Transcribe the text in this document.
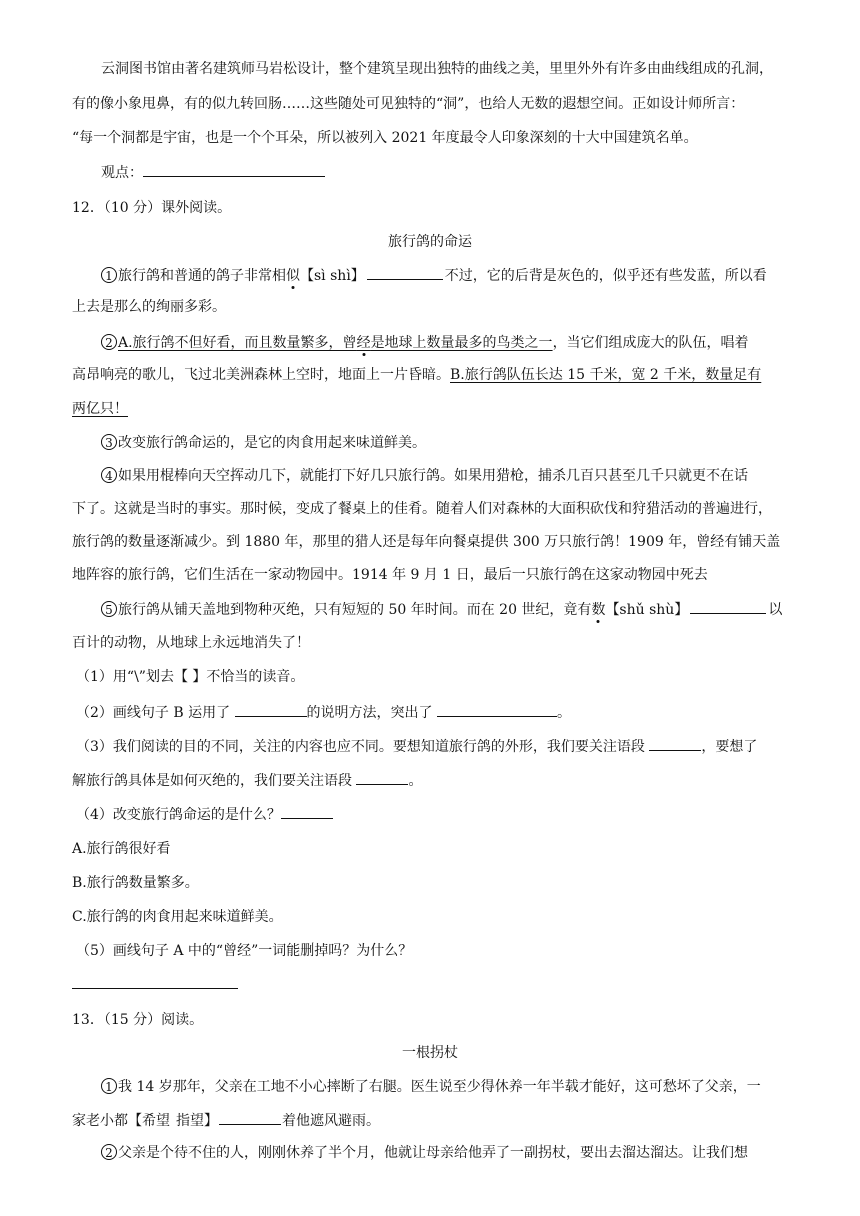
云洞图书馆由著名建筑师马岩松设计，整个建筑呈现出独特的曲线之美，里里外外有许多由曲线组成的孔洞，
有的像小象甩鼻，有的似九转回肠……这些随处可见独特的“洞”，也给人无数的遐想空间。正如设计师所言：
“每一个洞都是宇宙，也是一个个耳朵，所以被列入 2021 年度最令人印象深刻的十大中国建筑名单。
观点：
12．（10 分）课外阅读。
旅行鸽的命运
1 旅行鸽和普通的鸽子非常相似【sì shì】	不过，它的后背是灰色的，似乎还有些发蓝，所以看
上去是那么的绚丽多彩。
2 A.旅行鸽不但好看，而且数量繁多，曾经是地球上数量最多的鸟类之一，当它们组成庞大的队伍，唱着
高昂响亮的歌儿，飞过北美洲森林上空时，地面上一片昏暗。B.旅行鸽队伍长达 15 千米，宽 2 千米，数量足有
两亿只！
3 改变旅行鸽命运的，是它的肉食用起来味道鲜美。
4 如果用棍棒向天空挥动几下，就能打下好几只旅行鸽。如果用猎枪，捕杀几百只甚至几千只就更不在话
下了。这就是当时的事实。那时候，变成了餐桌上的佳肴。随着人们对森林的大面积砍伐和狩猎活动的普遍进行，
旅行鸽的数量逐渐减少。到 1880 年，那里的猎人还是每年向餐桌提供 300 万只旅行鸽！1909 年，曾经有铺天盖
地阵容的旅行鸽，它们生活在一家动物园中。1914 年 9 月 1 日，最后一只旅行鸽在这家动物园中死去
5 旅行鸽从铺天盖地到物种灭绝，只有短短的 50 年时间。而在 20 世纪，竟有数【shǔ shù】	以
百计的动物，从地球上永远地消失了！
（1）用“\”划去【 】不恰当的读音。
（2）画线句子 B 运用了	的说明方法，突出了	。
（3）我们阅读的目的不同，关注的内容也应不同。要想知道旅行鸽的外形，我们要关注语段	，要想了
解旅行鸽具体是如何灭绝的，我们要关注语段	。
（4）改变旅行鸽命运的是什么？
A.旅行鸽很好看
B.旅行鸽数量繁多。
C.旅行鸽的肉食用起来味道鲜美。
（5）画线句子 A 中的“曾经”一词能删掉吗？为什么？
13．（15 分）阅读。
一根拐杖
1 我 14 岁那年，父亲在工地不小心摔断了右腿。医生说至少得休养一年半载才能好，这可愁坏了父亲，一
家老小都【希望 指望】	着他遮风避雨。
2 父亲是个待不住的人，刚刚休养了半个月，他就让母亲给他弄了一副拐杖，要出去溜达溜达。让我们想
